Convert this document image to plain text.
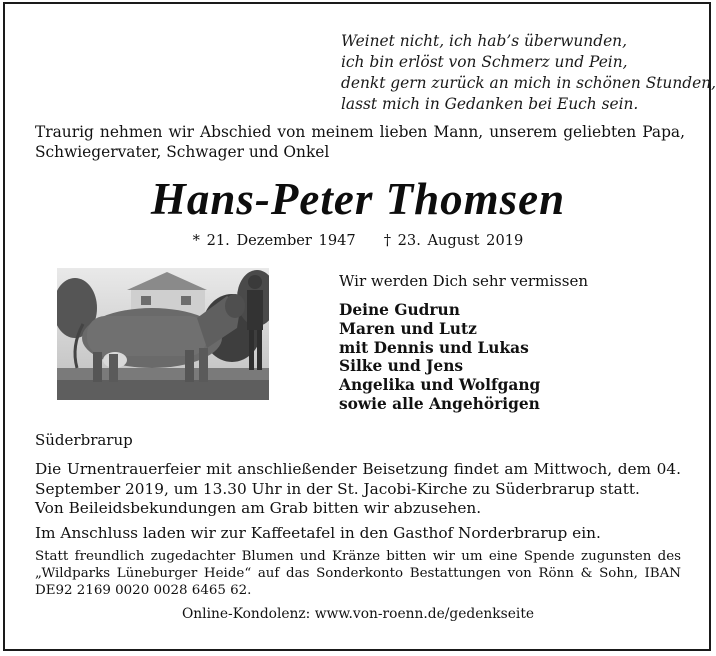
Weinet nicht, ich hab’s überwunden,
ich bin erlöst von Schmerz und Pein,
denkt gern zurück an mich in schönen Stunden,
lasst mich in Gedanken bei Euch sein.
Traurig nehmen wir Abschied von meinem lieben Mann, unserem geliebten Papa, Schwiegervater, Schwager und Onkel
Hans-Peter Thomsen
* 21. Dezember 1947 † 23. August 2019
Wir werden Dich sehr vermissen
Deine Gudrun
Maren und Lutz
mit Dennis und Lukas
Silke und Jens
Angelika und Wolfgang
sowie alle Angehörigen
Süderbrarup
Die Urnentrauerfeier mit anschließender Beisetzung findet am Mittwoch, dem 04. September 2019, um 13.30 Uhr in der St. Jacobi-Kirche zu Süderbrarup statt.
Von Beileidsbekundungen am Grab bitten wir abzusehen.
Im Anschluss laden wir zur Kaffeetafel in den Gasthof Norderbrarup ein.
Statt freundlich zugedachter Blumen und Kränze bitten wir um eine Spende zugunsten des „Wildparks Lüneburger Heide“ auf das Sonderkonto Bestattungen von Rönn & Sohn, IBAN DE92 2169 0020 0028 6465 62.
Online-Kondolenz: www.von-roenn.de/gedenkseite
